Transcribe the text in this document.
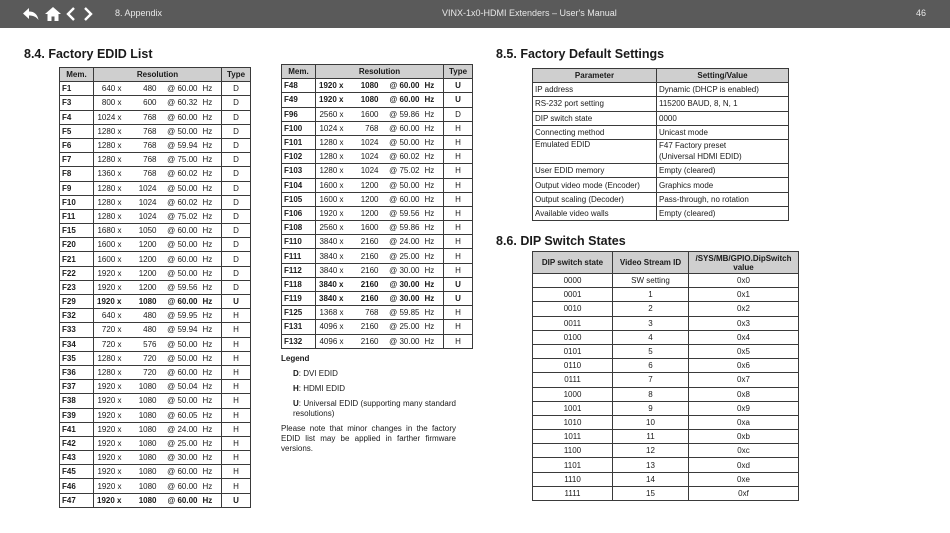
8. Appendix	VINX-1x0-HDMI Extenders – User's Manual	46
8.4. Factory EDID List
Mem.	Resolution				Type
F1	640 x	480	@ 60.00	Hz	D
F3	800 x	600	@ 60.32	Hz	D
F4	1024 x	768	@ 60.00	Hz	D
F5	1280 x	768	@ 50.00	Hz	D
F6	1280 x	768	@ 59.94	Hz	D
F7	1280 x	768	@ 75.00	Hz	D
F8	1360 x	768	@ 60.02	Hz	D
F9	1280 x	1024	@ 50.00	Hz	D
F10	1280 x	1024	@ 60.02	Hz	D
F11	1280 x	1024	@ 75.02	Hz	D
F15	1680 x	1050	@ 60.00	Hz	D
F20	1600 x	1200	@ 50.00	Hz	D
F21	1600 x	1200	@ 60.00	Hz	D
F22	1920 x	1200	@ 50.00	Hz	D
F23	1920 x	1200	@ 59.56	Hz	D
F29	1920 x	1080	@ 60.00	Hz	U
F32	640 x	480	@ 59.95	Hz	H
F33	720 x	480	@ 59.94	Hz	H
F34	720 x	576	@ 50.00	Hz	H
F35	1280 x	720	@ 50.00	Hz	H
F36	1280 x	720	@ 60.00	Hz	H
F37	1920 x	1080	@ 50.04	Hz	H
F38	1920 x	1080	@ 50.00	Hz	H
F39	1920 x	1080	@ 60.05	Hz	H
F41	1920 x	1080	@ 24.00	Hz	H
F42	1920 x	1080	@ 25.00	Hz	H
F43	1920 x	1080	@ 30.00	Hz	H
F45	1920 x	1080	@ 60.00	Hz	H
F46	1920 x	1080	@ 60.00	Hz	H
F47	1920 x	1080	@ 60.00	Hz	U
Mem.	Resolution				Type
F48	1920 x	1080	@ 60.00	Hz	U
F49	1920 x	1080	@ 60.00	Hz	U
F96	2560 x	1600	@ 59.86	Hz	D
F100	1024 x	768	@ 60.00	Hz	H
F101	1280 x	1024	@ 50.00	Hz	H
F102	1280 x	1024	@ 60.02	Hz	H
F103	1280 x	1024	@ 75.02	Hz	H
F104	1600 x	1200	@ 50.00	Hz	H
F105	1600 x	1200	@ 60.00	Hz	H
F106	1920 x	1200	@ 59.56	Hz	H
F108	2560 x	1600	@ 59.86	Hz	H
F110	3840 x	2160	@ 24.00	Hz	H
F111	3840 x	2160	@ 25.00	Hz	H
F112	3840 x	2160	@ 30.00	Hz	H
F118	3840 x	2160	@ 30.00	Hz	U
F119	3840 x	2160	@ 30.00	Hz	U
F125	1368 x	768	@ 59.85	Hz	H
F131	4096 x	2160	@ 25.00	Hz	H
F132	4096 x	2160	@ 30.00	Hz	H
Legend
D: DVI EDID
H: HDMI EDID
U: Universal EDID (supporting many standard resolutions)
Please note that minor changes in the factory EDID list may be applied in farther firmware versions.
8.5. Factory Default Settings
Parameter	Setting/Value
IP address	Dynamic (DHCP is enabled)
RS-232 port setting	115200 BAUD, 8, N, 1
DIP switch state	0000
Connecting method	Unicast mode
Emulated EDID	F47 Factory preset
(Universal HDMI EDID)
User EDID memory	Empty (cleared)
Output video mode (Encoder)	Graphics mode
Output scaling (Decoder)	Pass-through, no rotation
Available video walls	Empty (cleared)
8.6. DIP Switch States
DIP switch state	Video Stream ID	/SYS/MB/GPIO.DipSwitch value
0000	SW setting	0x0
0001	1	0x1
0010	2	0x2
0011	3	0x3
0100	4	0x4
0101	5	0x5
0110	6	0x6
0111	7	0x7
1000	8	0x8
1001	9	0x9
1010	10	0xa
1011	11	0xb
1100	12	0xc
1101	13	0xd
1110	14	0xe
1111	15	0xf
